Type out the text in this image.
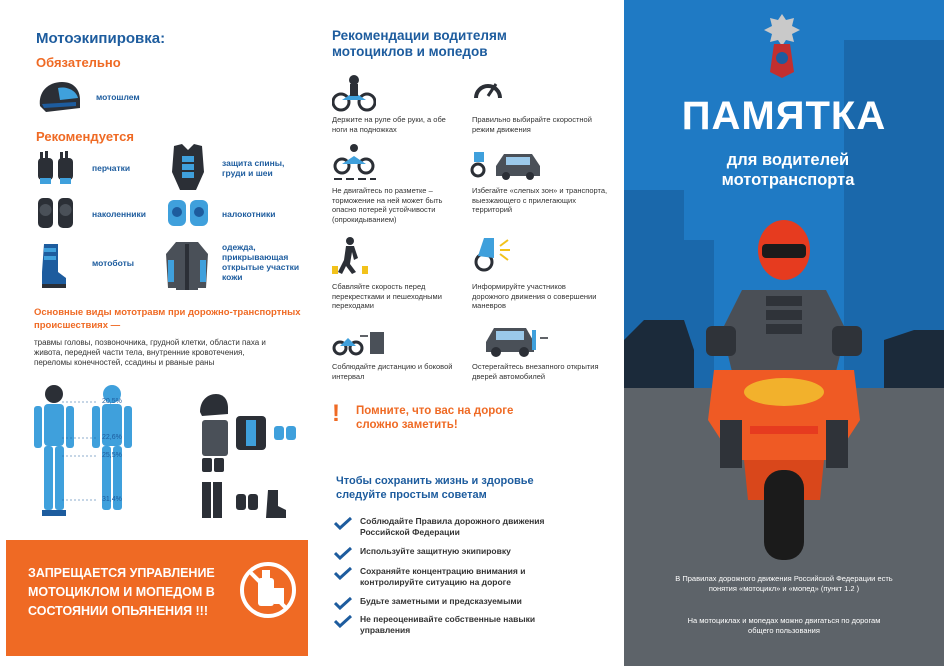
Мотоэкипировка:
Обязательно
мотошлем
Рекомендуется
перчатки	защита спины, груди и шеи
наколенники	налокотники
мотоботы
одежда, прикрывающая открытые участки кожи
Основные виды мототравм при дорожно-транспортных происшествиях —
травмы головы, позвоночника, грудной клетки, области паха и живота, передней части тела, внутренние кровотечения, переломы конечностей, ссадины и рваные раны
20,5%
22,6%
25,5%
31,4%
ЗАПРЕЩАЕТСЯ УПРАВЛЕНИЕ МОТОЦИКЛОМ И МОПЕДОМ В СОСТОЯНИИ ОПЬЯНЕНИЯ !!!
Рекомендации водителям мотоциклов и мопедов
Держите на руле обе руки, а обе ноги на подножках
Правильно выбирайте скоростной режим движения
Не двигайтесь по разметке – торможение на ней может быть опасно потерей устойчивости (опрокидыванием)
Избегайте «слепых зон» и транспорта, выезжающего с прилегающих территорий
Сбавляйте скорость перед перекрестками и пешеходными переходами
Информируйте участников дорожного движения о совершении маневров
Соблюдайте дистанцию и боковой интервал
Остерегайтесь внезапного открытия дверей автомобилей
! Помните, что вас на дороге сложно заметить!
Чтобы сохранить жизнь и здоровье следуйте простым советам
Соблюдайте Правила дорожного движения Российской Федерации
Используйте защитную экипировку
Сохраняйте концентрацию внимания и контролируйте ситуацию на дороге
Будьте заметными и предсказуемыми
Не переоценивайте собственные навыки управления
ПАМЯТКА
для водителей мототранспорта
В Правилах дорожного движения Российской Федерации есть понятия «мотоцикл» и «мопед» (пункт 1.2 )
На мотоциклах и мопедах можно двигаться по дорогам общего пользования
